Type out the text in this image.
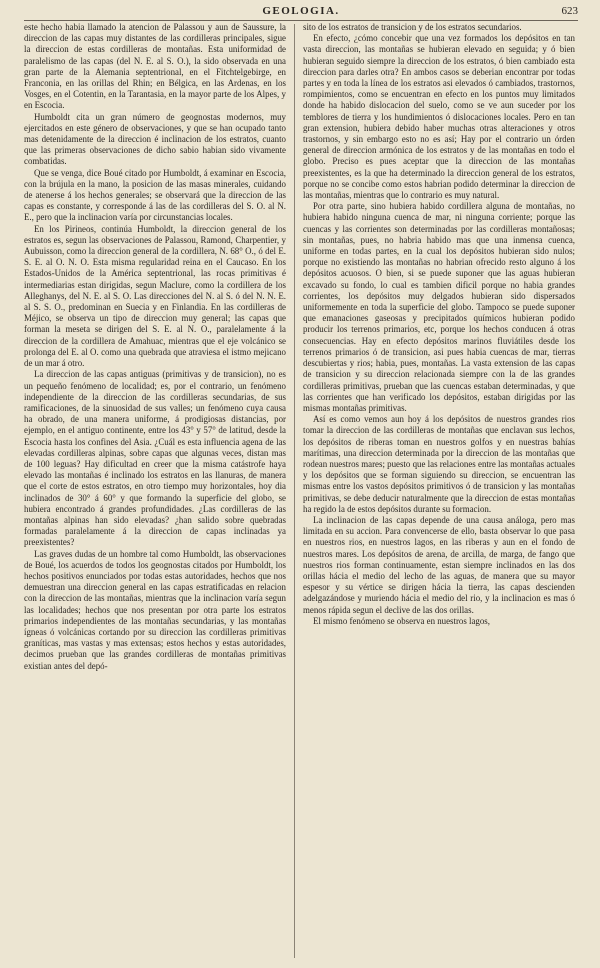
GEOLOGIA.	623

este hecho habia llamado la atencion de Palassou y aun de Saussure, la direccion de las capas muy distantes de las cordilleras principales, sigue la direccion de estas cordilleras de montañas. Esta uniformidad de paralelismo de las capas (del N. E. al S. O.), la sido observada en una gran parte de la Alemania septentrional, en el Fitchtelgebirge, en Franconia, en las orillas del Rhin; en Bélgica, en las Ardenas, en los Vosges, en el Cotentin, en la Tarantasia, en la mayor parte de los Alpes, y en Escocia.

Humboldt cita un gran número de geognostas modernos, muy ejercitados en este género de observaciones, y que se han ocupado tanto mas detenidamente de la direccion é inclinacion de los estratos, cuanto que las primeras observaciones de dicho sabio habian sido vivamente combatidas.

Que se venga, dice Boué citado por Humboldt, á examinar en Escocia, con la brújula en la mano, la posicion de las masas minerales, cuidando de atenerse á los hechos generales; se observará que la direccion de las capas es constante, y corresponde á las de las cordilleras del S. O. al N. E., pero que la inclinacion varía por circunstancias locales.

En los Pirineos, continúa Humboldt, la direccion general de los estratos es, segun las observaciones de Palassou, Ramond, Charpentier, y Aubuisson, como la direccion general de la cordillera, N. 68° O., ó del E. S. E. al O. N. O. Esta misma regularidad reina en el Caucaso. En los Estados-Unidos de la América septentrional, las rocas primitivas é intermediarias estan dirigidas, segun Maclure, como la cordillera de los Alleghanys, del N. E. al S. O. Las direcciones del N. al S. ó del N. N. E. al S. S. O., predominan en Suecia y en Finlandia. En las cordilleras de Méjico, se observa un tipo de direccion muy general; las capas que forman la meseta se dirigen del S. E. al N. O., paralelamente á la direccion de la cordillera de Amahuac, mientras que el eje volcánico se prolonga del E. al O. como una quebrada que atraviesa el istmo mejicano de un mar á otro.

La direccion de las capas antiguas (primitivas y de transicion), no es un pequeño fenómeno de localidad; es, por el contrario, un fenómeno independiente de la direccion de las cordilleras secundarias, de sus ramificaciones, de la sinuosidad de sus valles; un fenómeno cuya causa ha obrado, de una manera uniforme, á prodigiosas distancias, por ejemplo, en el antiguo continente, entre los 43° y 57° de latitud, desde la Escocia hasta los confines del Asia. ¿Cuál es esta influencia agena de las elevadas cordilleras alpinas, sobre capas que algunas veces, distan mas de 100 leguas? Hay dificultad en creer que la misma catástrofe haya elevado las montañas é inclinado los estratos en las llanuras, de manera que el corte de estos estratos, en otro tiempo muy horizontales, hoy dia inclinados de 30° á 60° y que formando la superficie del globo, se hubiera encontrado á grandes profundidades. ¿Las cordilleras de las montañas alpinas han sido elevadas? ¿han salido sobre quebradas formadas paralelamente á la direccion de capas inclinadas ya preexistentes?

Las graves dudas de un hombre tal como Humboldt, las observaciones de Boué, los acuerdos de todos los geognostas citados por Humboldt, los hechos positivos enunciados por todas estas autoridades, hechos que nos demuestran una direccion general en las capas estratificadas en relacion con la direccion de las montañas, mientras que la inclinacion varía segun las localidades; hechos que nos presentan por otra parte los estratos primarios independientes de las montañas secundarias, y las montañas ígneas ó volcánicas cortando por su direccion las cordilleras primitivas graníticas, mas vastas y mas extensas; estos hechos y estas autoridades, decimos prueban que las grandes cordilleras de montañas primitivas existian antes del depó-

sito de los estratos de transicion y de los estratos secundarios.

En efecto, ¿cómo concebir que una vez formados los depósitos en tan vasta direccion, las montañas se hubieran elevado en seguida; y ó bien hubieran seguido siempre la direccion de los estratos, ó bien cambiado esta direccion para darles otra? En ambos casos se deberian encontrar por todas partes y en toda la línea de los estratos asi elevados ó cambiados, trastornos, rompimientos, como se encuentran en efecto en los puntos muy limitados donde ha habido dislocacion del suelo, como se ve aun suceder por los temblores de tierra y los hundimientos ó dislocaciones locales. Pero en tan gran extension, hubiera debido haber muchas otras alteraciones y otros trastornos, y sin embargo esto no es así; Hay por el contrario un órden general de direccion armónica de los estratos y de las montañas en todo el globo. Preciso es pues aceptar que la direccion de las montañas preexistentes, es la que ha determinado la direccion general de los estratos, porque no se concibe como estos habrian podido determinar la direccion de las montañas, mientras que lo contrario es muy natural.

Por otra parte, sino hubiera habido cordillera alguna de montañas, no hubiera habido ninguna cuenca de mar, ni ninguna corriente; porque las cuencas y las corrientes son determinadas por las cordilleras montañosas; sin montañas, pues, no habria habido mas que una inmensa cuenca, uniforme en todas partes, en la cual los depósitos hubieran sido nulos; porque no existiendo las montañas no habrian ofrecido resto alguno á los depósitos acuosos. O bien, si se puede suponer que las aguas hubieran excavado su fondo, lo cual es tambien dificil porque no habia grandes corrientes, los depósitos muy delgados hubieran sido dispersados uniformemente en toda la superficie del globo. Tampoco se puede suponer que emanaciones gaseosas y precipitados químicos hubieran podido producir los terrenos primarios, etc, porque los hechos conducen á otras consecuencias. Hay en efecto depósitos marinos fluviátiles desde los terrenos primarios ó de transicion, asi pues habia cuencas de mar, tierras descubiertas y rios; habia, pues, montañas. La vasta extension de las capas de transicion y su direccion relacionada siempre con la de las grandes cordilleras primitivas, prueban que las cuencas estaban determinadas, y que las corrientes que han verificado los depósitos, estaban dirigidas por las mismas montañas primitivas.

Así es como vemos aun hoy á los depósitos de nuestros grandes rios tomar la direccion de las cordilleras de montañas que enclavan sus lechos, los depósitos de riberas toman en nuestros golfos y en nuestras bahías marítimas, una direccion determinada por la direccion de las montañas que rodean nuestros mares; puesto que las relaciones entre las montañas actuales y los depósitos que se forman siguiendo su direccion, se encuentran las mismas entre los vastos depósitos primitivos ó de transicion y las montañas primitivas, se debe deducir naturalmente que la direccion de estas montañas ha regido la de estos depósitos durante su formacion.

La inclinacion de las capas depende de una causa análoga, pero mas limitada en su accion. Para convencerse de ello, basta observar lo que pasa en nuestros rios, en nuestros lagos, en las riberas y aun en el fondo de nuestros mares. Los depósitos de arena, de arcilla, de marga, de fango que nuestros rios forman continuamente, estan siempre inclinados en las dos orillas hácia el medio del lecho de las aguas, de manera que su mayor espesor y su vértice se dirigen hácia la tierra, las capas descienden adelgazándose y muriendo hácia el medio del rio, y la inclinacion es mas ó menos rápida segun el declive de las dos orillas.

El mismo fenómeno se observa en nuestros lagos,
